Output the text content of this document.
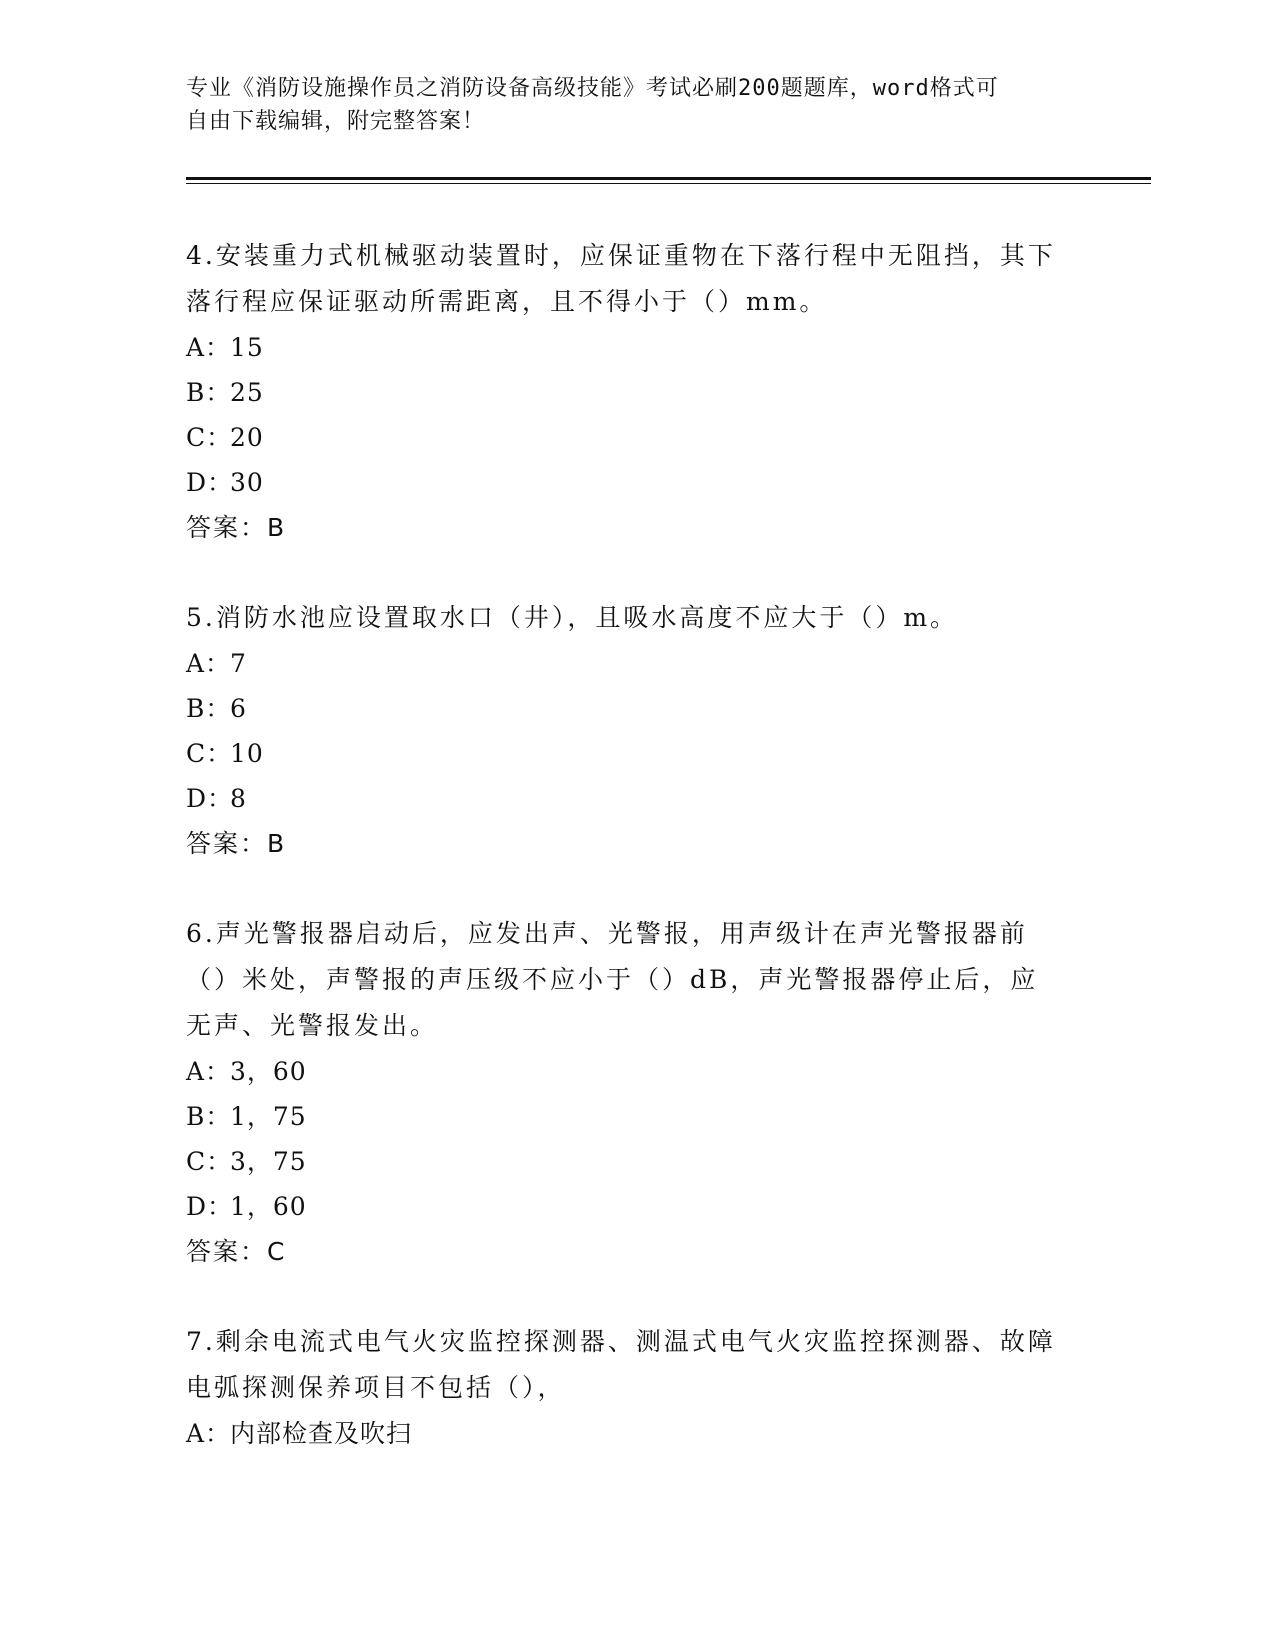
专业《消防设施操作员之消防设备高级技能》考试必刷200题题库，word格式可
自由下载编辑，附完整答案！
4.安装重力式机械驱动装置时，应保证重物在下落行程中无阻挡，其下落行程应保证驱动所需距离，且不得小于（）mm。
A：15
B：25
C：20
D：30
答案：B
5.消防水池应设置取水口（井），且吸水高度不应大于（）m。
A：7
B：6
C：10
D：8
答案：B
6.声光警报器启动后，应发出声、光警报，用声级计在声光警报器前（）米处，声警报的声压级不应小于（）dB，声光警报器停止后，应无声、光警报发出。
A：3，60
B：1，75
C：3，75
D：1，60
答案：C
7.剩余电流式电气火灾监控探测器、测温式电气火灾监控探测器、故障电弧探测保养项目不包括（），
A：内部检查及吹扫
